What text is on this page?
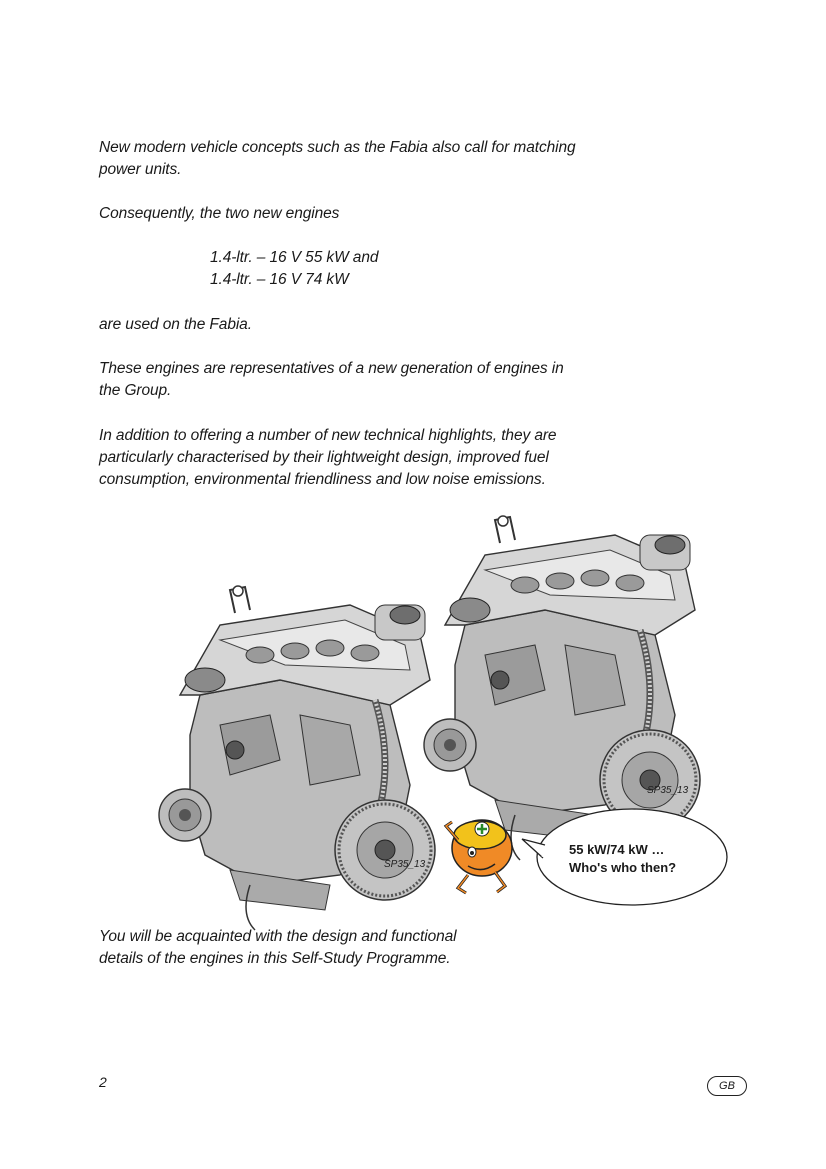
New modern vehicle concepts such as the Fabia also call for matching
power units.

Consequently, the two new engines

1.4-ltr. – 16 V 55 kW and
1.4-ltr. – 16 V 74 kW

are used on the Fabia.

These engines are representatives of a new generation of engines in
the Group.

In addition to offering a number of new technical highlights, they are
particularly characterised by their lightweight design, improved fuel
consumption, environmental friendliness and low noise emissions.

SP35_13
SP35_13
55 kW/74 kW …
Who's who then?

You will be acquainted with the design and functional
details of the engines in this Self-Study Programme.

2	GB
